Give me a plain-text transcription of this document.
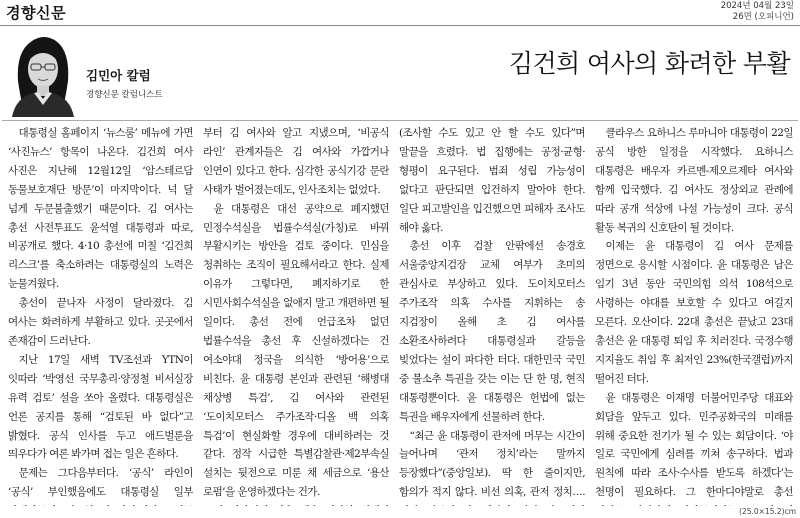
경향신문	2024년 04월 23일
26면 (오피니언)
김민아 칼럼
경향신문 칼럼니스트
김건희 여사의 화려한 부활

대통령실 홈페이지 ‘뉴스룸’ 메뉴에 가면 ‘사진뉴스’ 항목이 나온다. 김건희 여사 사진은 지난해 12월12일 ‘암스테르담 동물보호재단 방문’이 마지막이다. 넉 달 넘게 두문불출했기 때문이다. 김 여사는 총선 사전투표도 윤석열 대통령과 따로, 비공개로 했다. 4·10 총선에 미칠 ‘김건희 리스크’를 축소하려는 대통령실의 노력은 눈물겨웠다.

총선이 끝나자 사정이 달라졌다. 김 여사는 화려하게 부활하고 있다. 곳곳에서 존재감이 드러난다.

지난 17일 새벽 TV조선과 YTN이 잇따라 ‘박영선 국무총리·양정철 비서실장 유력 검토’ 설을 쏘아 올렸다. 대통령실은 언론 공지를 통해 “검토된 바 없다”고 밝혔다. 공식 인사를 두고 애드벌룬을 띄우다가 여론 봐가며 접는 일은 흔하다.

문제는 그다음부터다. ‘공식’ 라인이 ‘공식’ 부인했음에도 대통령실 일부

부터 김 여사와 알고 지냈으며, ‘비공식 라인’ 관계자들은 김 여사와 가깝거나 인연이 있다고 한다. 심각한 공식기강 문란 사태가 벌어졌는데도, 인사조치는 없었다.

윤 대통령은 대선 공약으로 폐지했던 민정수석실을 법률수석실(가칭)로 바꿔 부활시키는 방안을 검토 중이다. 민심을 청취하는 조직이 필요해서라고 한다. 실제 이유가 그렇다면, 폐지하기로 한 시민사회수석실을 없애지 말고 개편하면 될 일이다. 총선 전에 언급조차 없던 법률수석을 총선 후 신설하겠다는 건 여소야대 정국을 의식한 ‘방어용’으로 비친다. 윤 대통령 본인과 관련된 ‘해병대 채상병 특검’, 김 여사와 관련된 ‘도이치모터스 주가조작·디올 백 의혹 특검’이 현실화할 경우에 대비하려는 것 같다. 정작 시급한 특별감찰관·제2부속실 설치는 뒷전으로 미룬 채 세금으로 ‘용산 로펌’을 운영하겠다는 건가.

(조사할 수도 있고 안 할 수도 있다”며 말끝을 흐렸다. 법 집행에는 공정·균형·형평이 요구된다. 범죄 성립 가능성이 없다고 판단되면 입건하지 말아야 한다. 일단 피고발인을 입건했으면 피해자 조사도 해야 옳다.

총선 이후 검찰 안팎에선 송경호 서울중앙지검장 교체 여부가 초미의 관심사로 부상하고 있다. 도이치모터스 주가조작 의혹 수사를 지휘하는 송 지검장이 올해 초 김 여사를 소환조사하려다 대통령실과 갈등을 빚었다는 설이 파다한 터다. 대한민국 국민 중 불소추 특권을 갖는 이는 단 한 명, 현직 대통령뿐이다. 윤 대통령은 헌법에 없는 특권을 배우자에게 선물하려 한다.

“최근 윤 대통령이 관저에 머무는 시간이 늘어나며 ‘관저 정치’라는 말까지 등장했다”(중앙일보). 딱 한 줄이지만, 함의가 적지 않다. 비선 의혹, 관저 정치….

클라우스 요하니스 루마니아 대통령이 22일 공식 방한 일정을 시작했다. 요하니스 대통령은 배우자 카르멘-제오르제타 여사와 함께 입국했다. 김 여사도 정상외교 관례에 따라 공개 석상에 나설 가능성이 크다. 공식 활동 복귀의 신호탄이 될 것이다.

이제는 윤 대통령이 김 여사 문제를 정면으로 응시할 시점이다. 윤 대통령은 남은 임기 3년 동안 국민의힘 의석 108석으로 사령하는 야대를 보호할 수 있다고 여길지 모른다. 오산이다. 22대 총선은 끝났고 23대 총선은 윤 대통령 퇴임 후 치러진다. 국정수행 지지율도 취임 후 최저인 23%(한국갤럽)까지 떨어진 터다.

윤 대통령은 이재명 더불어민주당 대표와 회담을 앞두고 있다. 민주공화국의 미래를 위해 중요한 전기가 될 수 있는 회담이다. ‘야 일로 국민에게 심려를 끼쳐 송구하다. 법과 원칙에 따라 조사·수사를 받도록 하겠다’는 천명이 필요하다. 그 한마디야말로 총선

(25.0×15.2)cm
